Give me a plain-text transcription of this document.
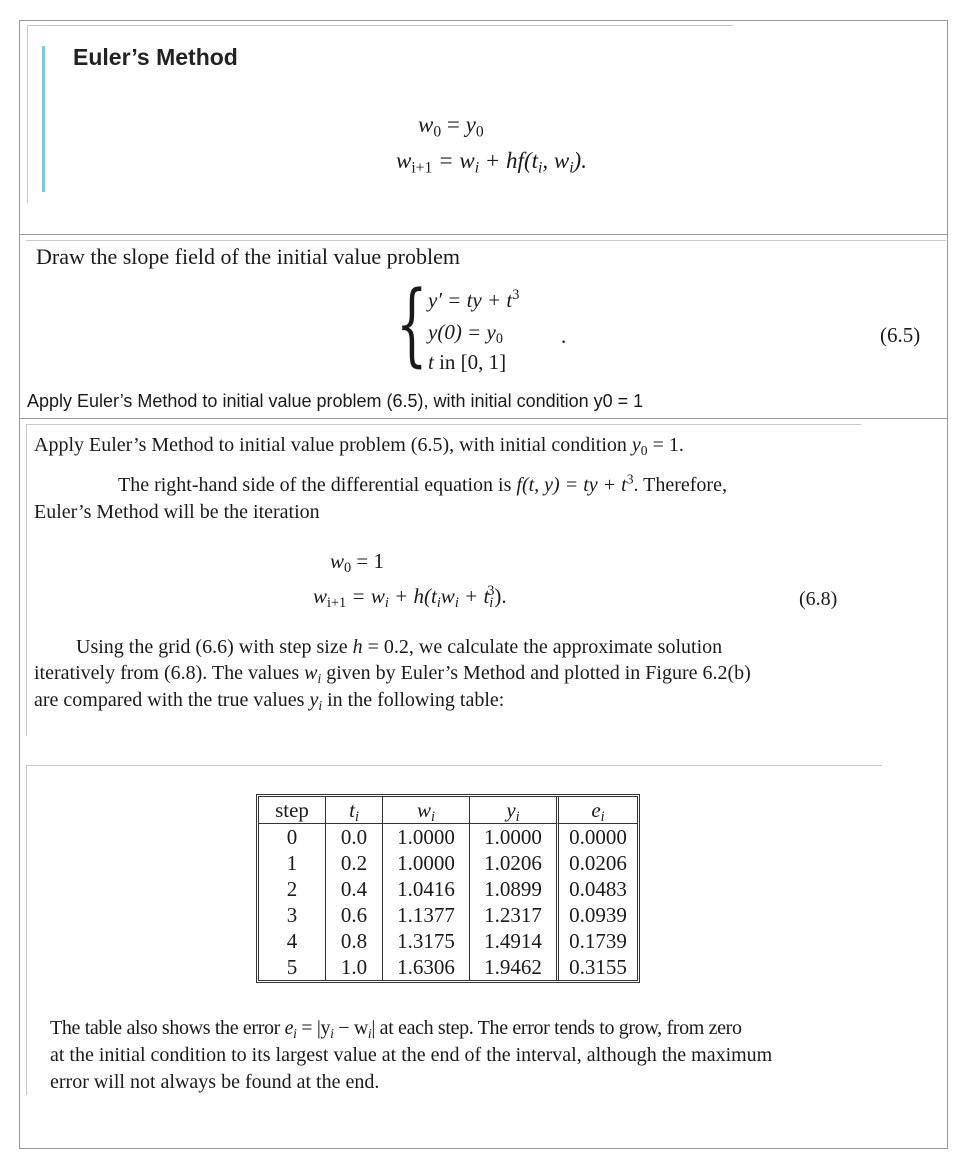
Euler’s Method
$w_0 = y_0$
$w_{i+1} = w_i + hf(t_i$, $w_i$).
Draw the slope field of the initial value problem
{ y′ = ty + $t^3$
$y(0) = y_0$	.
t in [0, 1]
(6.5)
Apply Euler’s Method to initial value problem (6.5), with initial condition y0 = 1
Apply Euler’s Method to initial value problem (6.5), with initial condition $y_0 = 1$.
The right-hand side of the differential equation is f(t, y) = ty + $t^3$. Therefore,
Euler’s Method will be the iteration
$w_0 = 1$
$w_{i+1} = w_i + h(t_iw_i + t_i^3)$.	(6.8)
Using the grid (6.6) with step size h = 0.2, we calculate the approximate solution
iteratively from (6.8). The values $w_i$ given by Euler’s Method and plotted in Figure 6.2(b)
are compared with the true values $y_i$ in the following table:
step	$t_i$	$w_i$	$y_i$	$e_i$
0	0.0	1.0000	1.0000	0.0000
1	0.2	1.0000	1.0206	0.0206
2	0.4	1.0416	1.0899	0.0483
3	0.6	1.1377	1.2317	0.0939
4	0.8	1.3175	1.4914	0.1739
5	1.0	1.6306	1.9462	0.3155
The table also shows the error $e_i = |y_i - w_i|$ at each step. The error tends to grow, from zero
at the initial condition to its largest value at the end of the interval, although the maximum
error will not always be found at the end.
